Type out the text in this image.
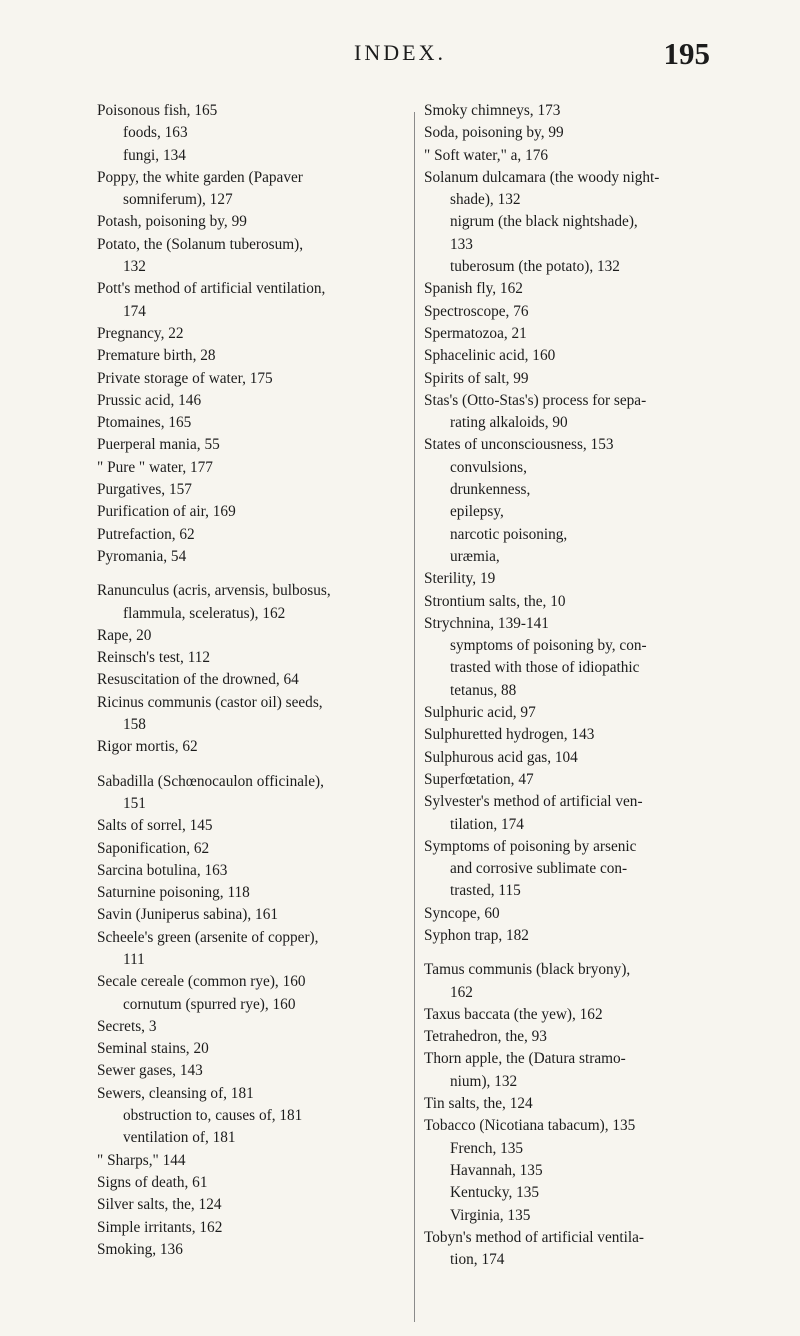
INDEX.	195
Poisonous fish, 165
foods, 163
fungi, 134
Poppy, the white garden (Papaver
somniferum), 127
Potash, poisoning by, 99
Potato, the (Solanum tuberosum),
132
Pott's method of artificial ventilation,
174
Pregnancy, 22
Premature birth, 28
Private storage of water, 175
Prussic acid, 146
Ptomaines, 165
Puerperal mania, 55
" Pure " water, 177
Purgatives, 157
Purification of air, 169
Putrefaction, 62
Pyromania, 54
Ranunculus (acris, arvensis, bulbosus,
flammula, sceleratus), 162
Rape, 20
Reinsch's test, 112
Resuscitation of the drowned, 64
Ricinus communis (castor oil) seeds,
158
Rigor mortis, 62
Sabadilla (Schœnocaulon officinale),
151
Salts of sorrel, 145
Saponification, 62
Sarcina botulina, 163
Saturnine poisoning, 118
Savin (Juniperus sabina), 161
Scheele's green (arsenite of copper),
111
Secale cereale (common rye), 160
cornutum (spurred rye), 160
Secrets, 3
Seminal stains, 20
Sewer gases, 143
Sewers, cleansing of, 181
obstruction to, causes of, 181
ventilation of, 181
" Sharps," 144
Signs of death, 61
Silver salts, the, 124
Simple irritants, 162
Smoking, 136
Smoky chimneys, 173
Soda, poisoning by, 99
" Soft water," a, 176
Solanum dulcamara (the woody night-
shade), 132
nigrum (the black nightshade),
133
tuberosum (the potato), 132
Spanish fly, 162
Spectroscope, 76
Spermatozoa, 21
Sphacelinic acid, 160
Spirits of salt, 99
Stas's (Otto-Stas's) process for sepa-
rating alkaloids, 90
States of unconsciousness, 153
convulsions,
drunkenness,
epilepsy,
narcotic poisoning,
uræmia,
Sterility, 19
Strontium salts, the, 10
Strychnina, 139-141
symptoms of poisoning by, con-
trasted with those of idiopathic
tetanus, 88
Sulphuric acid, 97
Sulphuretted hydrogen, 143
Sulphurous acid gas, 104
Superfœtation, 47
Sylvester's method of artificial ven-
tilation, 174
Symptoms of poisoning by arsenic
and corrosive sublimate con-
trasted, 115
Syncope, 60
Syphon trap, 182
Tamus communis (black bryony),
162
Taxus baccata (the yew), 162
Tetrahedron, the, 93
Thorn apple, the (Datura stramo-
nium), 132
Tin salts, the, 124
Tobacco (Nicotiana tabacum), 135
French, 135
Havannah, 135
Kentucky, 135
Virginia, 135
Tobyn's method of artificial ventila-
tion, 174
